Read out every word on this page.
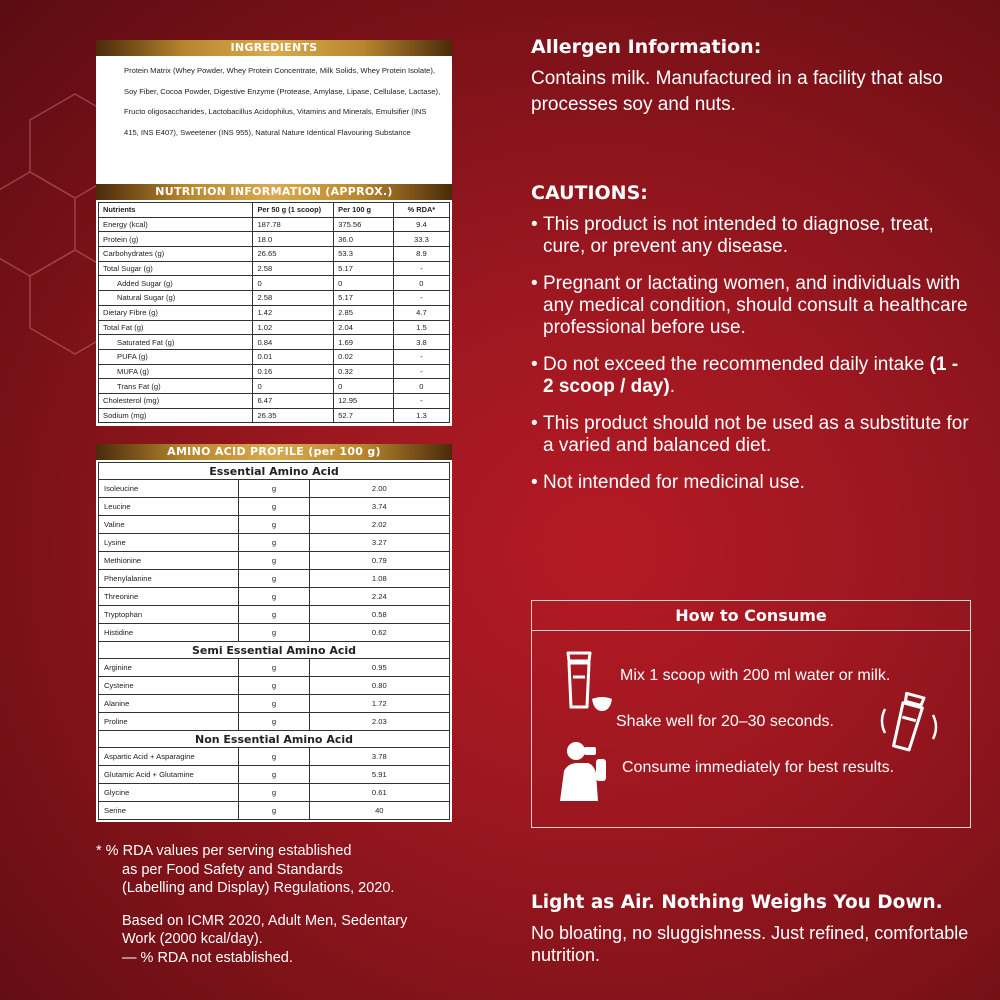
INGREDIENTS
Protein Matrix (Whey Powder, Whey Protein Concentrate, Milk Solids, Whey Protein Isolate), Soy Fiber, Cocoa Powder, Digestive Enzyme (Protease, Amylase, Lipase, Cellulase, Lactase), Fructo oligosaccharides, Lactobacillus Acidophilus, Vitamins and Minerals, Emulsifier (INS 415, INS E407), Sweetener (INS 955), Natural Nature Identical Flavouring Substance
NUTRITION INFORMATION (APPROX.)
Nutrients	Per 50 g (1 scoop)	Per 100 g	% RDA*
Energy (kcal)	187.78	375.56	9.4
Protein (g)	18.0	36.0	33.3
Carbohydrates (g)	26.65	53.3	8.9
Total Sugar (g)	2.58	5.17	-
Added Sugar (g)	0	0	0
Natural Sugar (g)	2.58	5.17	-
Dietary Fibre (g)	1.42	2.85	4.7
Total Fat (g)	1.02	2.04	1.5
Saturated Fat (g)	0.84	1.69	3.8
PUFA (g)	0.01	0.02	-
MUFA (g)	0.16	0.32	-
Trans Fat (g)	0	0	0
Cholesterol (mg)	6.47	12.95	-
Sodium (mg)	26.35	52.7	1.3
AMINO ACID PROFILE (per 100 g)
Essential Amino Acid		
Isoleucine	g	2.00
Leucine	g	3.74
Valine	g	2.02
Lysine	g	3.27
Methionine	g	0.79
Phenylalanine	g	1.08
Threonine	g	2.24
Tryptophan	g	0.58
Histidine	g	0.62
Semi Essential Amino Acid		
Arginine	g	0.95
Cysteine	g	0.80
Alanine	g	1.72
Proline	g	2.03
Non Essential Amino Acid		
Aspartic Acid + Asparagine	g	3.78
Glutamic Acid + Glutamine	g	5.91
Glycine	g	0.61
Serine	g	40

* % RDA values per serving established

as per Food Safety and Standards

(Labelling and Display) Regulations, 2020.

Based on ICMR 2020, Adult Men, Sedentary

Work (2000 kcal/day).

— % RDA not established.

Allergen Information:

Contains milk. Manufactured in a facility that also processes soy and nuts.

CAUTIONS:
• This product is not intended to diagnose, treat, cure, or prevent any disease.
• Pregnant or lactating women, and individuals with any medical condition, should consult a healthcare professional before use.
• Do not exceed the recommended daily intake (1 - 2 scoop / day).
• This product should not be used as a substitute for a varied and balanced diet.
• Not intended for medicinal use.
How to Consume
Mix 1 scoop with 200 ml water or milk.
Shake well for 20–30 seconds.
Consume immediately for best results.
Light as Air. Nothing Weighs You Down.

No bloating, no sluggishness. Just refined, comfortable nutrition.
